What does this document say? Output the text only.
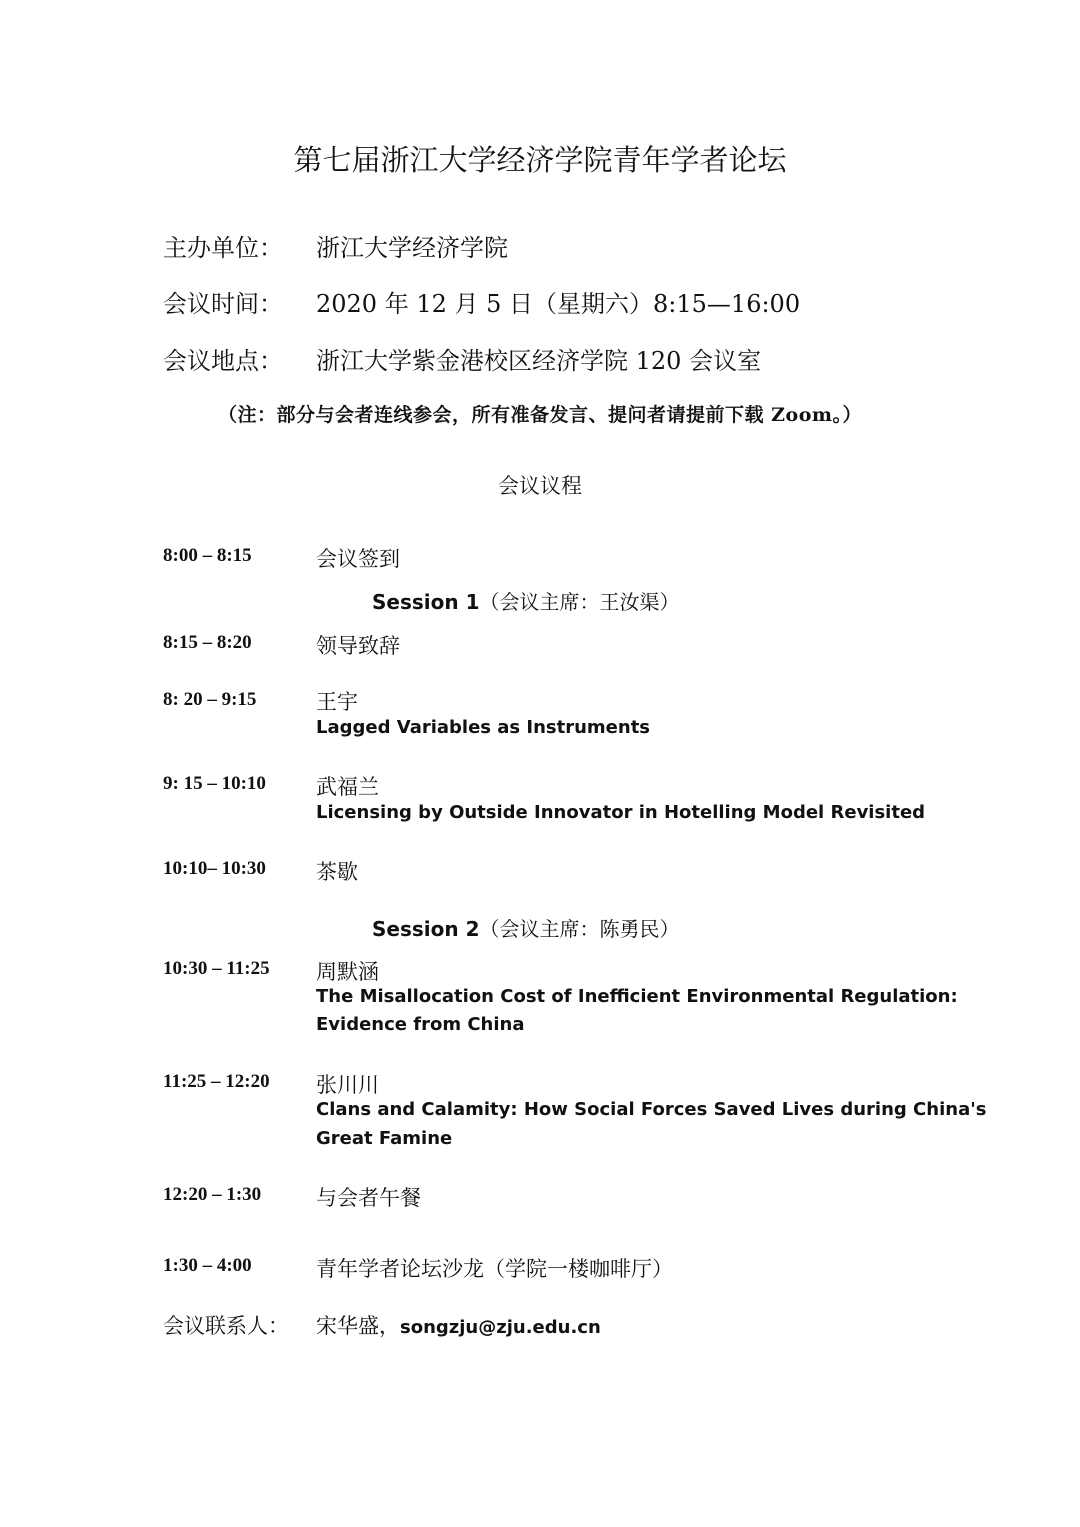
第七届浙江大学经济学院青年学者论坛
主办单位： 浙江大学经济学院
会议时间： 2020 年 12 月 5 日（星期六）8:15—16:00
会议地点： 浙江大学紫金港校区经济学院 120 会议室
（注：部分与会者连线参会，所有准备发言、提问者请提前下载 Zoom。）
会议议程
8:00 – 8:15	会议签到
Session 1（会议主席：王汝渠）
8:15 – 8:20	领导致辞
8: 20 – 9:15	王宇
Lagged Variables as Instruments
9: 15 – 10:10 武福兰
Licensing by Outside Innovator in Hotelling Model Revisited
10:10– 10:30 茶歇
Session 2（会议主席：陈勇民）
10:30 – 11:25 周默涵
The Misallocation Cost of Inefficient Environmental Regulation:
Evidence from China
11:25 – 12:20 张川川
Clans and Calamity: How Social Forces Saved Lives during China's
Great Famine
12:20 – 1:30	与会者午餐
1:30 – 4:00	青年学者论坛沙龙（学院一楼咖啡厅）
会议联系人： 宋华盛，songzju@zju.edu.cn
